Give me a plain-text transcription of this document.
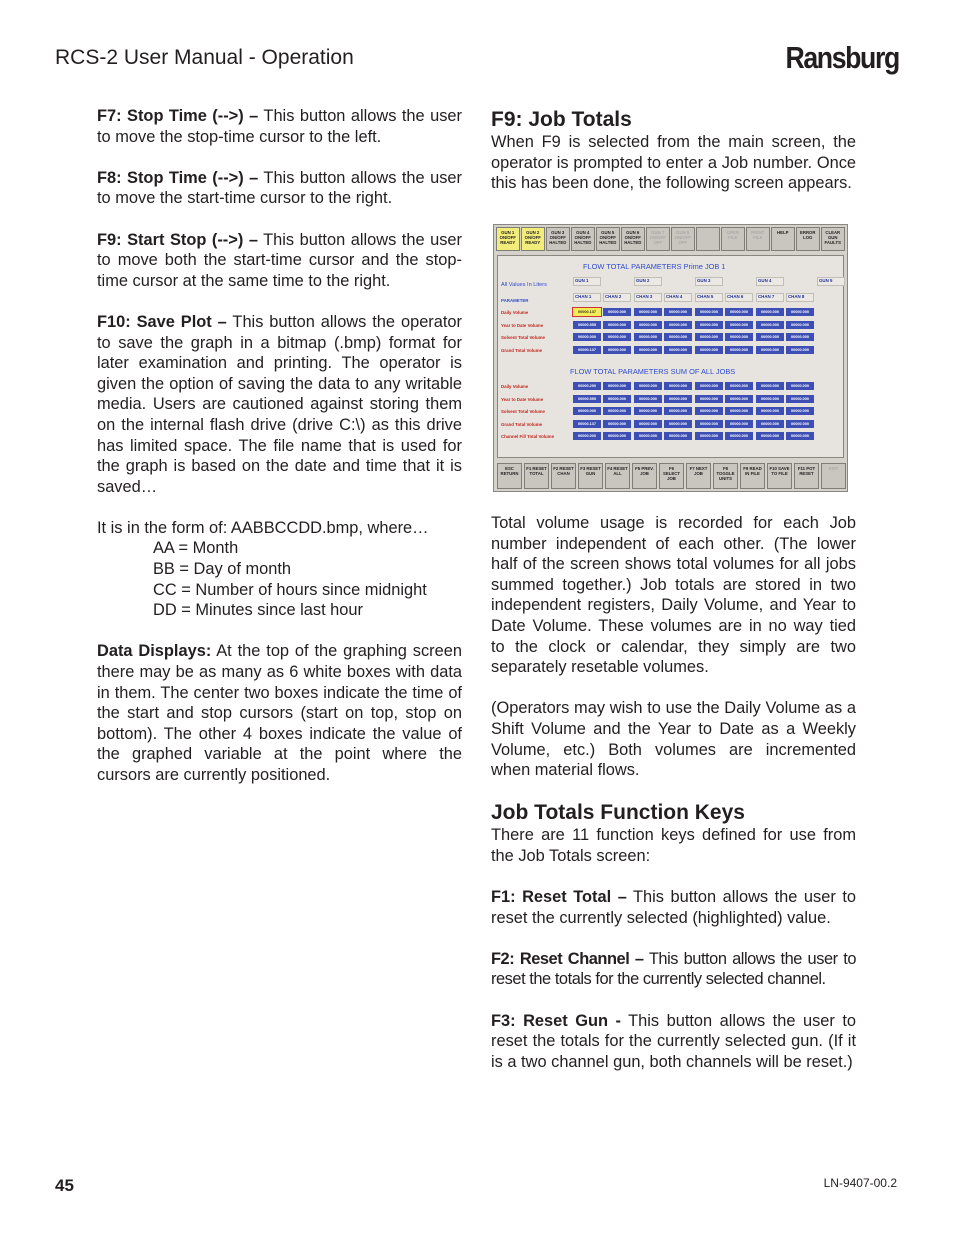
RCS-2 User Manual - Operation	Ransburg

F7: Stop Time (-->) – This button allows the user to move the stop-time cursor to the left.

F8: Stop Time (-->) – This button allows the user to move the start-time cursor to the right.

F9: Start Stop (-->) – This button allows the user to move both the start-time cursor and the stop-time cursor at the same time to the right.

F10: Save Plot – This button allows the operator to save the graph in a bitmap (.bmp) format for later examination and printing. The operator is given the option of saving the data to any writable media. Users are cautioned against storing them on the internal flash drive (drive C:\) as this drive has limited space. The file name that is used for the graph is based on the date and time that it is saved…

It is in the form of: AABBCCDD.bmp, where…

AA = Month
BB = Day of month
CC = Number of hours since midnight
DD = Minutes since last hour

Data Displays: At the top of the graphing screen there may be as many as 6 white boxes with data in them. The center two boxes indicate the time of the start and stop cursors (start on top, stop on bottom). The other 4 boxes indicate the value of the graphed variable at the point where the cursors are currently positioned.

F9: Job Totals

When F9 is selected from the main screen, the operator is prompted to enter a Job number. Once this has been done, the following screen appears.

GUN 1 ON/OFF READY
GUN 2 ON/OFF READY
GUN 3 ON/OFF HALTED
GUN 4 ON/OFF HALTED
GUN 5 ON/OFF HALTED
GUN 6 ON/OFF HALTED
GUN 7 ON/OFF OFF
GUN 8 ON/OFF OFF
OPEN FILE
PRINT FILE
HELP	ERROR LOG
CLEAR GUN FAULTS
FLOW TOTAL PARAMETERS Prime JOB 1
All Values In Liters
FLOW TOTAL PARAMETERS SUM OF ALL JOBS
GUN 1	GUN 2	GUN 3	GUN 4	GUN 5
PARAMETER
CHAN 1	CHAN 2	CHAN 3	CHAN 4	CHAN 5	CHAN 6	CHAN 7	CHAN 8
Daily Volume	00000.137	00000.000	00000.000	00000.000	00000.000	00000.000	00000.000	00000.000
Year to Date Volume	00000.555	00000.000	00000.000	00000.000	00000.000	00000.000	00000.000	00000.000
Solvent Total Volume	00000.000	00000.000	00000.000	00000.000	00000.000	00000.000	00000.000	00000.000
Grand Total Volume	00000.137	00000.000	00000.000	00000.000	00000.000	00000.000	00000.000	00000.000
Daily Volume	00000.290	00000.000	00000.000	00000.000	00000.000	00000.000	00000.000	00000.000
Year to Date Volume	00000.555	00000.000	00000.000	00000.000	00000.000	00000.000	00000.000	00000.000
Solvent Total Volume	00000.000	00000.000	00000.000	00000.000	00000.000	00000.000	00000.000	00000.000
Grand Total Volume	00000.137	00000.000	00000.000	00000.000	00000.000	00000.000	00000.000	00000.000
Channel Fill Total Volume	00000.000	00000.000	00000.000	00000.000	00000.000	00000.000	00000.000	00000.000
ESC RETURN
F1 RESET TOTAL
F2 RESET CHAN
F3 RESET GUN
F4 RESET ALL
F5 PREV. JOB
F6 SELECT JOB
F7 NEXT JOB
F8 TOGGLE UNITS
F9 READ IN FILE
F10 SAVE TO FILE
F11 POT RESET
EXIT

Total volume usage is recorded for each Job number independent of each other. (The lower half of the screen shows total volumes for all jobs summed together.) Job totals are stored in two independent registers, Daily Volume, and Year to Date Volume. These volumes are in no way tied to the clock or calendar, they simply are two separately resetable volumes.

(Operators may wish to use the Daily Volume as a Shift Volume and the Year to Date as a Weekly Volume, etc.) Both volumes are incremented when material flows.

Job Totals Function Keys

There are 11 function keys defined for use from the Job Totals screen:

F1: Reset Total – This button allows the user to reset the currently selected (highlighted) value.

F2: Reset Channel – This button allows the user to reset the totals for the currently selected channel.

F3: Reset Gun - This button allows the user to reset the totals for the currently selected gun. (If it is a two channel gun, both channels will be reset.)

45	LN-9407-00.2
